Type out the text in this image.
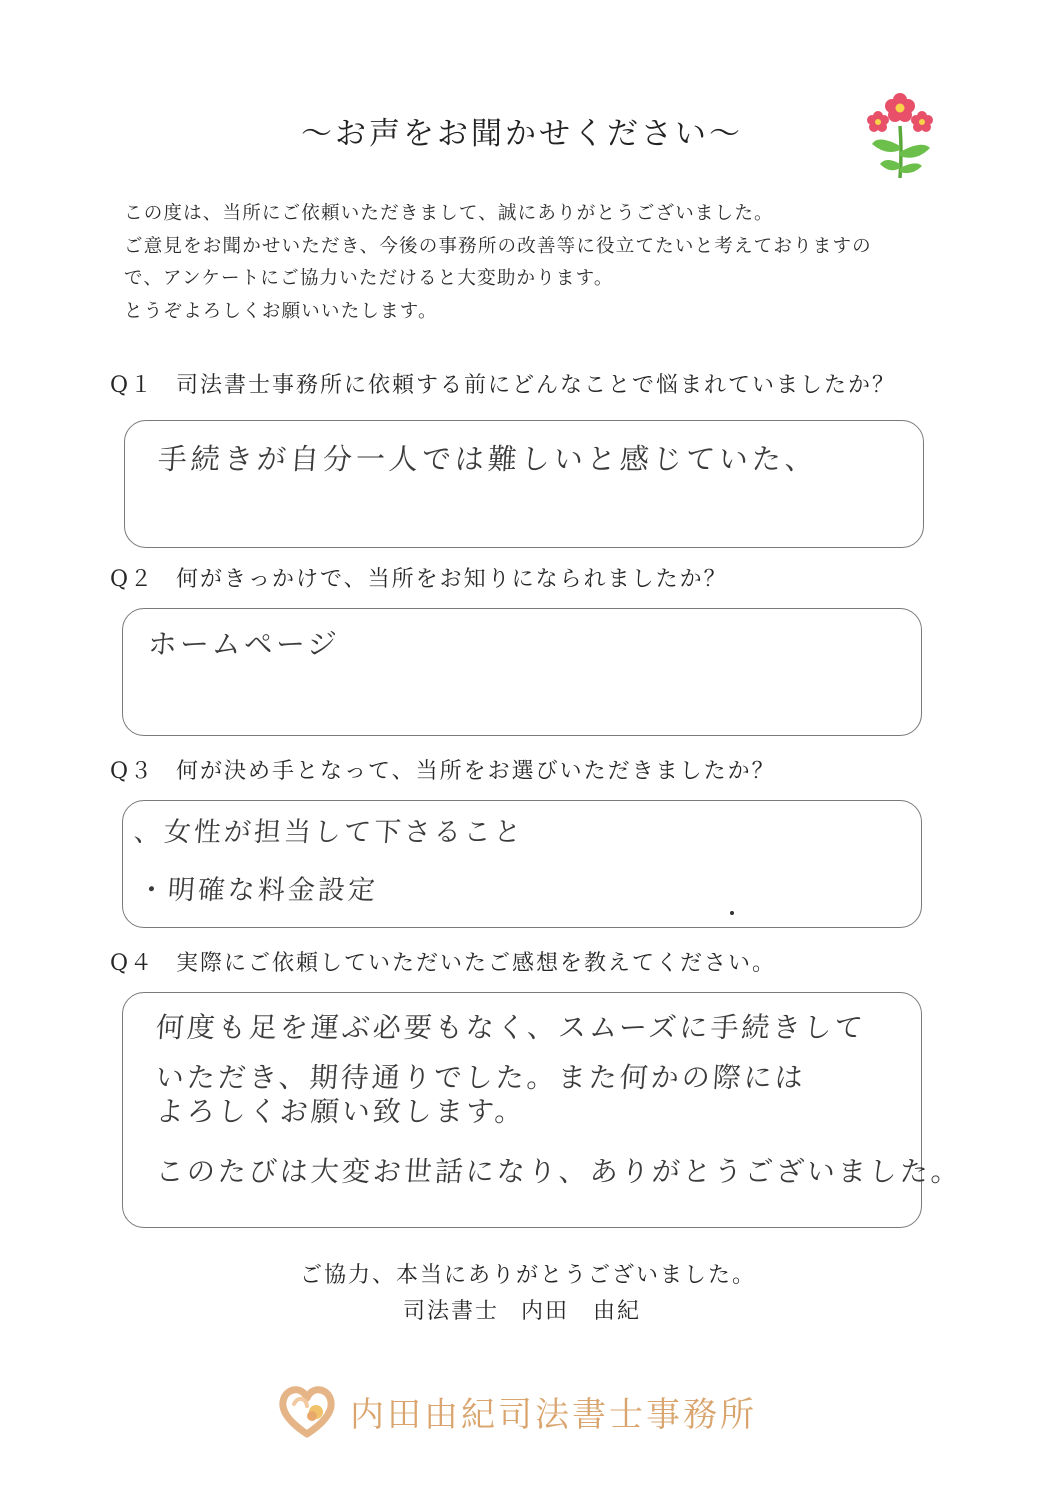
～お声をお聞かせください～
この度は、当所にご依頼いただきまして、誠にありがとうございました。
ご意見をお聞かせいただき、今後の事務所の改善等に役立てたいと考えておりますの
で、アンケートにご協力いただけると大変助かります。
とうぞよろしくお願いいたします。
Q１ 司法書士事務所に依頼する前にどんなことで悩まれていましたか？
手続きが自分一人では難しいと感じていた、
Q２ 何がきっかけで、当所をお知りになられましたか？
ホームページ
Q３ 何が決め手となって、当所をお選びいただきましたか？
、女性が担当して下さること
・明確な料金設定
Q４ 実際にご依頼していただいたご感想を教えてください。
何度も足を運ぶ必要もなく、スムーズに手続きして
いただき、期待通りでした。また何かの際には
よろしくお願い致します。
このたびは大変お世話になり、ありがとうございました。
ご協力、本当にありがとうございました。
司法書士 内田　由紀
内田由紀司法書士事務所
